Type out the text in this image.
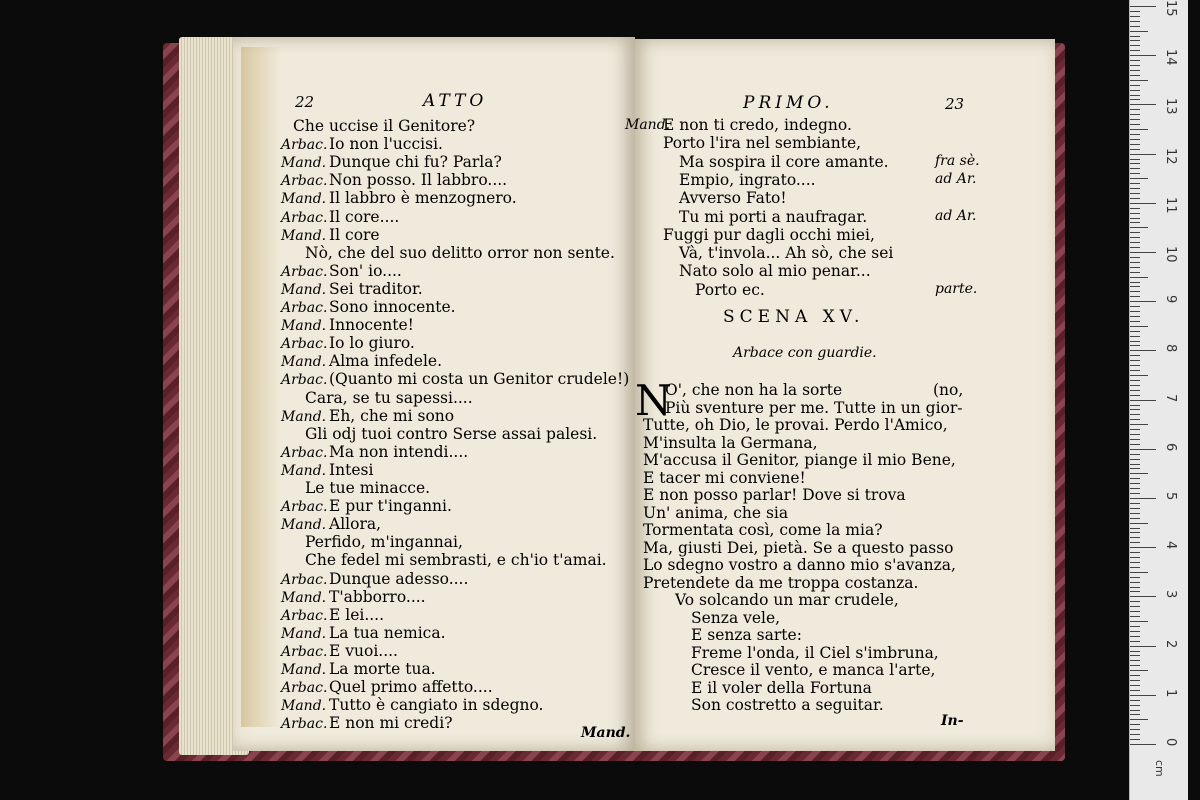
22	ATTO
Che uccise il Genitore?
Arbac. Io non l'uccisi.
Mand. Dunque chi fu? Parla?
Arbac. Non posso. Il labbro....
Mand. Il labbro è menzognero.
Arbac. Il core....
Mand. Il core
Nò, che del suo delitto orror non sente.
Arbac. Son' io....
Mand. Sei traditor.
Arbac. Sono innocente.
Mand. Innocente!
Arbac. Io lo giuro.
Mand. Alma infedele.
Arbac. (Quanto mi costa un Genitor crudele!)
Cara, se tu sapessi....
Mand. Eh, che mi sono
Gli odj tuoi contro Serse assai palesi.
Arbac. Ma non intendi....
Mand. Intesi
Le tue minacce.
Arbac. E pur t'inganni.
Mand. Allora,
Perfido, m'ingannai,
Che fedel mi sembrasti, e ch'io t'amai.
Arbac. Dunque adesso....
Mand. T'abborro....
Arbac. E lei....
Mand. La tua nemica.
Arbac. E vuoi....
Mand. La morte tua.
Arbac. Quel primo affetto....
Mand. Tutto è cangiato in sdegno.
Arbac. E non mi credi?
Mand.
PRIMO.	23
Mand.
E non ti credo, indegno.
Porto l'ira nel sembiante,
Ma sospira il core amante.	fra sè.
Empio, ingrato....	ad Ar.
Avverso Fato!
Tu mi porti a naufragar.	ad Ar.
Fuggi pur dagli occhi miei,
Và, t'invola... Ah sò, che sei
Nato solo al mio penar...
Porto ec.	parte.
SCENA XV.
Arbace con guardie.
N
O', che non ha la sorte	(no,
Più sventure per me. Tutte in un gior-
Tutte, oh Dio, le provai. Perdo l'Amico,
M'insulta la Germana,
M'accusa il Genitor, piange il mio Bene,
E tacer mi conviene!
E non posso parlar! Dove si trova
Un' anima, che sia
Tormentata così, come la mia?
Ma, giusti Dei, pietà. Se a questo passo
Lo sdegno vostro a danno mio s'avanza,
Pretendete da me troppa costanza.
Vo solcando un mar crudele,
Senza vele,
E senza sarte:
Freme l'onda, il Ciel s'imbruna,
Cresce il vento, e manca l'arte,
E il voler della Fortuna
Son costretto a seguitar.
In-
15
14
13
12
11
10
9
8
7
6
5
4
3
2
1
0
cm
